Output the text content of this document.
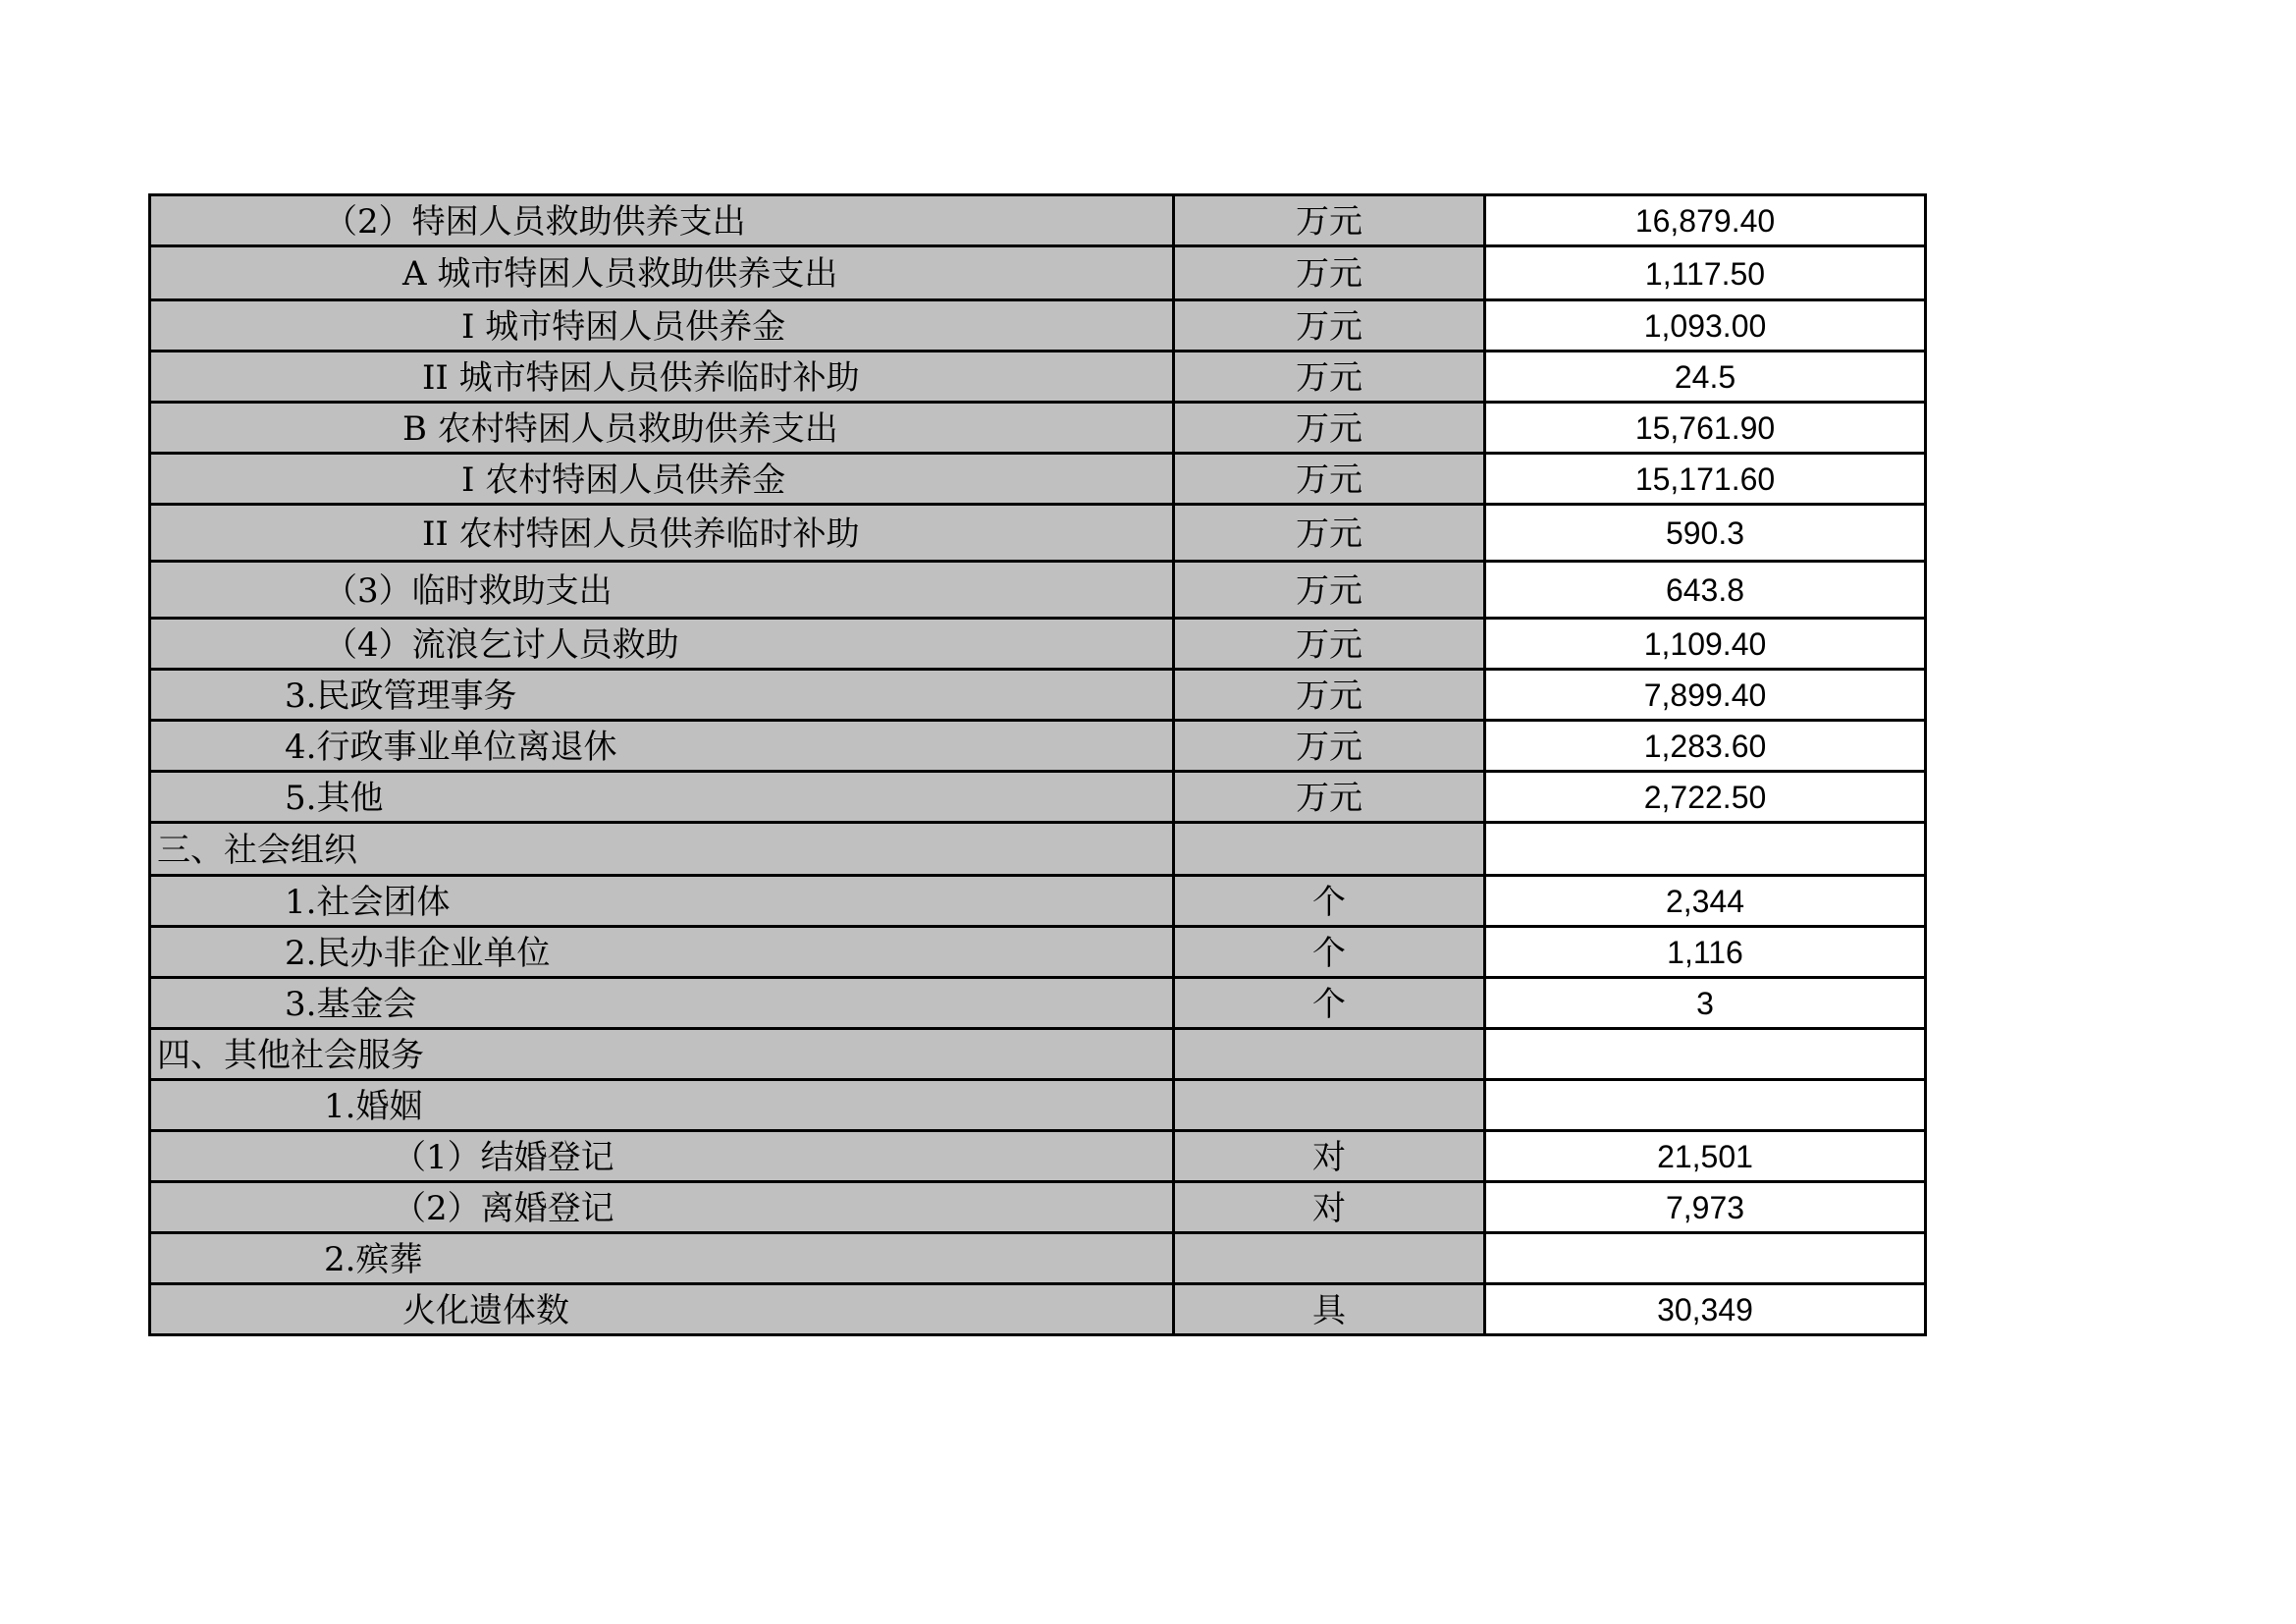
（2）特困人员救助供养支出	万元	16,879.40
A 城市特困人员救助供养支出	万元	1,117.50
I 城市特困人员供养金	万元	1,093.00
II 城市特困人员供养临时补助	万元	24.5
B 农村特困人员救助供养支出	万元	15,761.90
I 农村特困人员供养金	万元	15,171.60
II 农村特困人员供养临时补助	万元	590.3
（3）临时救助支出	万元	643.8
（4）流浪乞讨人员救助	万元	1,109.40
3.民政管理事务	万元	7,899.40
4.行政事业单位离退休	万元	1,283.60
5.其他	万元	2,722.50
三、社会组织		
1.社会团体	个	2,344
2.民办非企业单位	个	1,116
3.基金会	个	3
四、其他社会服务		
1.婚姻		
（1）结婚登记	对	21,501
（2）离婚登记	对	7,973
2.殡葬		
火化遗体数	具	30,349
